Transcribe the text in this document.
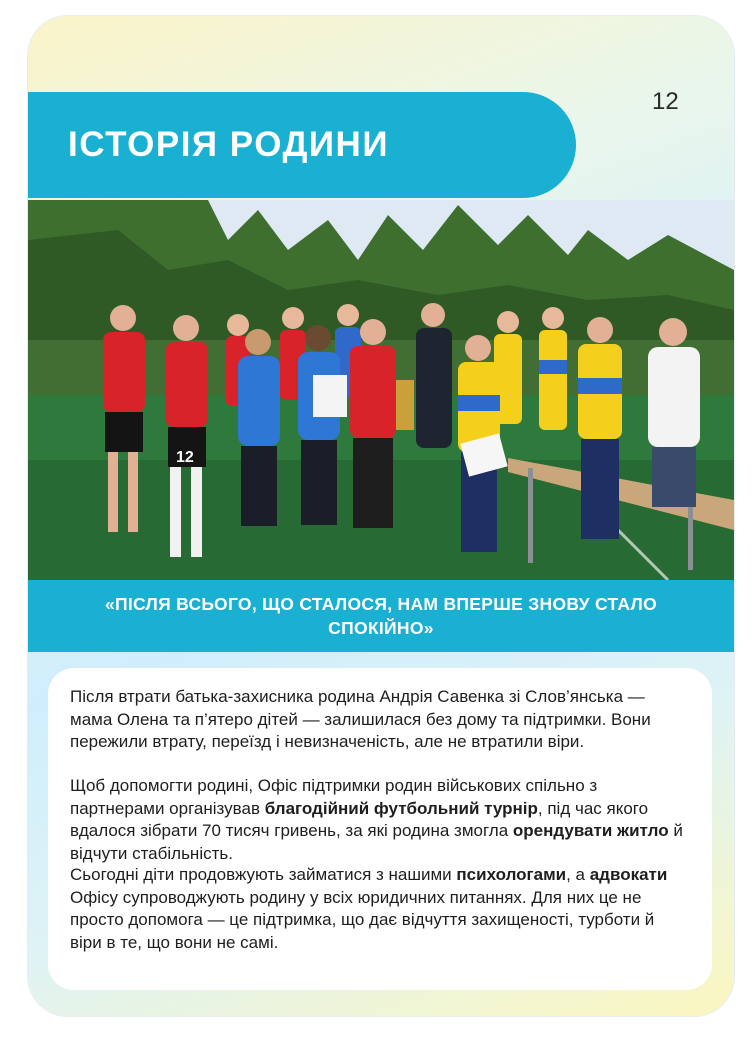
ІСТОРІЯ РОДИНИ
12
12
«ПІСЛЯ ВСЬОГО, ЩО СТАЛОСЯ, НАМ ВПЕРШЕ ЗНОВУ СТАЛО СПОКІЙНО»

Після втрати батька-захисника родина Андрія Савенка зі Слов’янська — мама Олена та п’ятеро дітей — залишилася без дому та підтримки. Вони пережили втрату, переїзд і невизначеність, але не втратили віри.

Щоб допомогти родині, Офіс підтримки родин військових спільно з партнерами організував благодійний футбольний турнір, під час якого вдалося зібрати 70 тисяч гривень, за які родина змогла орендувати житло й відчути стабільність.

Сьогодні діти продовжують займатися з нашими психологами, а адвокати Офісу супроводжують родину у всіх юридичних питаннях. Для них це не просто допомога — це підтримка, що дає відчуття захищеності, турботи й віри в те, що вони не самі.
